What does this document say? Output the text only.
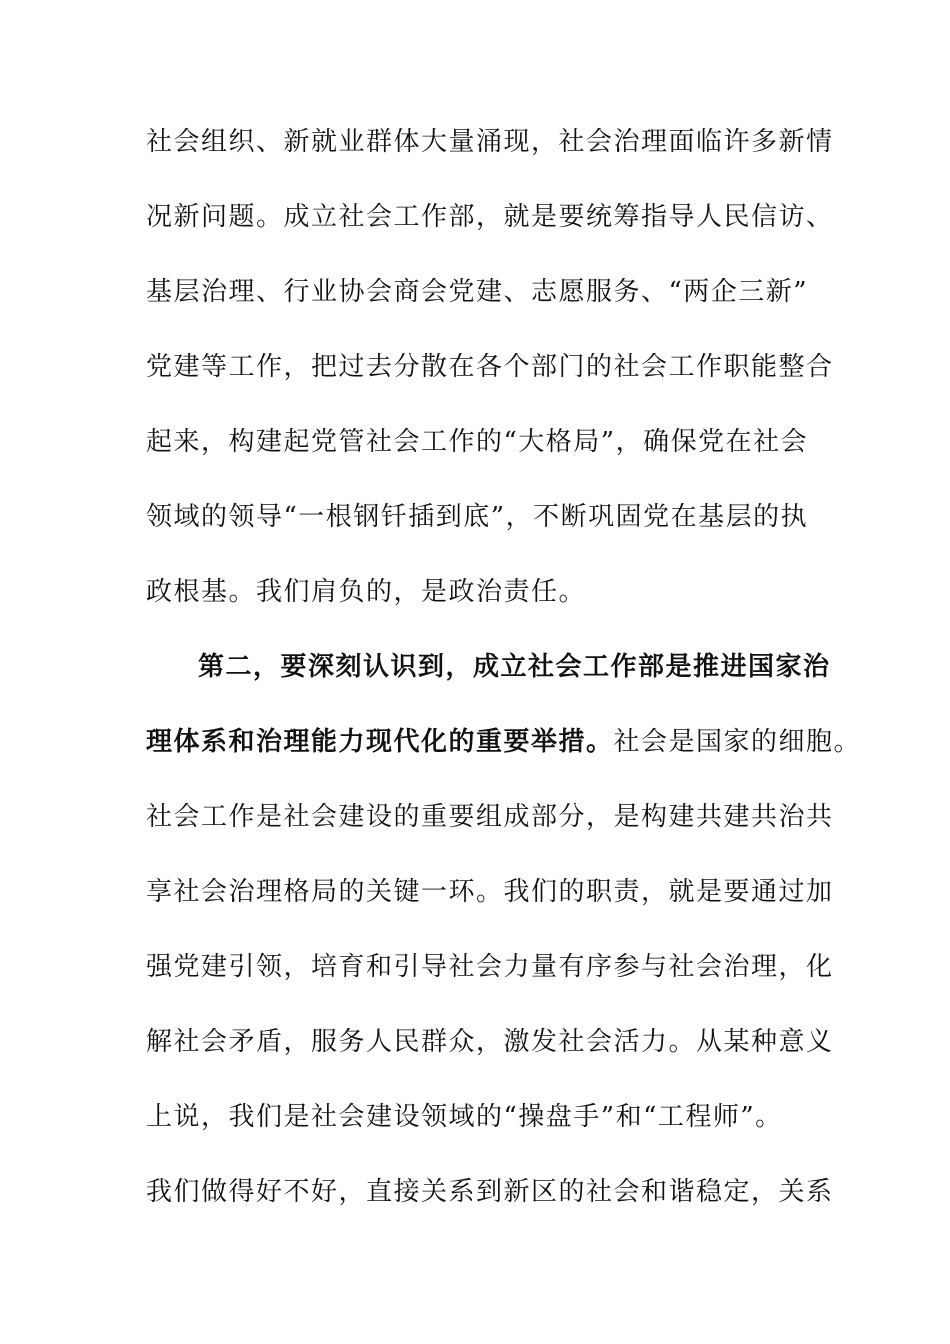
社会组织、新就业群体大量涌现，社会治理面临许多新情
况新问题。成立社会工作部，就是要统筹指导人民信访、
基层治理、行业协会商会党建、志愿服务、“两企三新”
党建等工作，把过去分散在各个部门的社会工作职能整合
起来，构建起党管社会工作的“大格局”，确保党在社会
领域的领导“一根钢钎插到底”，不断巩固党在基层的执
政根基。我们肩负的，是政治责任。
第二，要深刻认识到，成立社会工作部是推进国家治
理体系和治理能力现代化的重要举措。社会是国家的细胞。
社会工作是社会建设的重要组成部分，是构建共建共治共
享社会治理格局的关键一环。我们的职责，就是要通过加
强党建引领，培育和引导社会力量有序参与社会治理，化
解社会矛盾，服务人民群众，激发社会活力。从某种意义
上说，我们是社会建设领域的“操盘手”和“工程师”。
我们做得好不好，直接关系到新区的社会和谐稳定，关系
